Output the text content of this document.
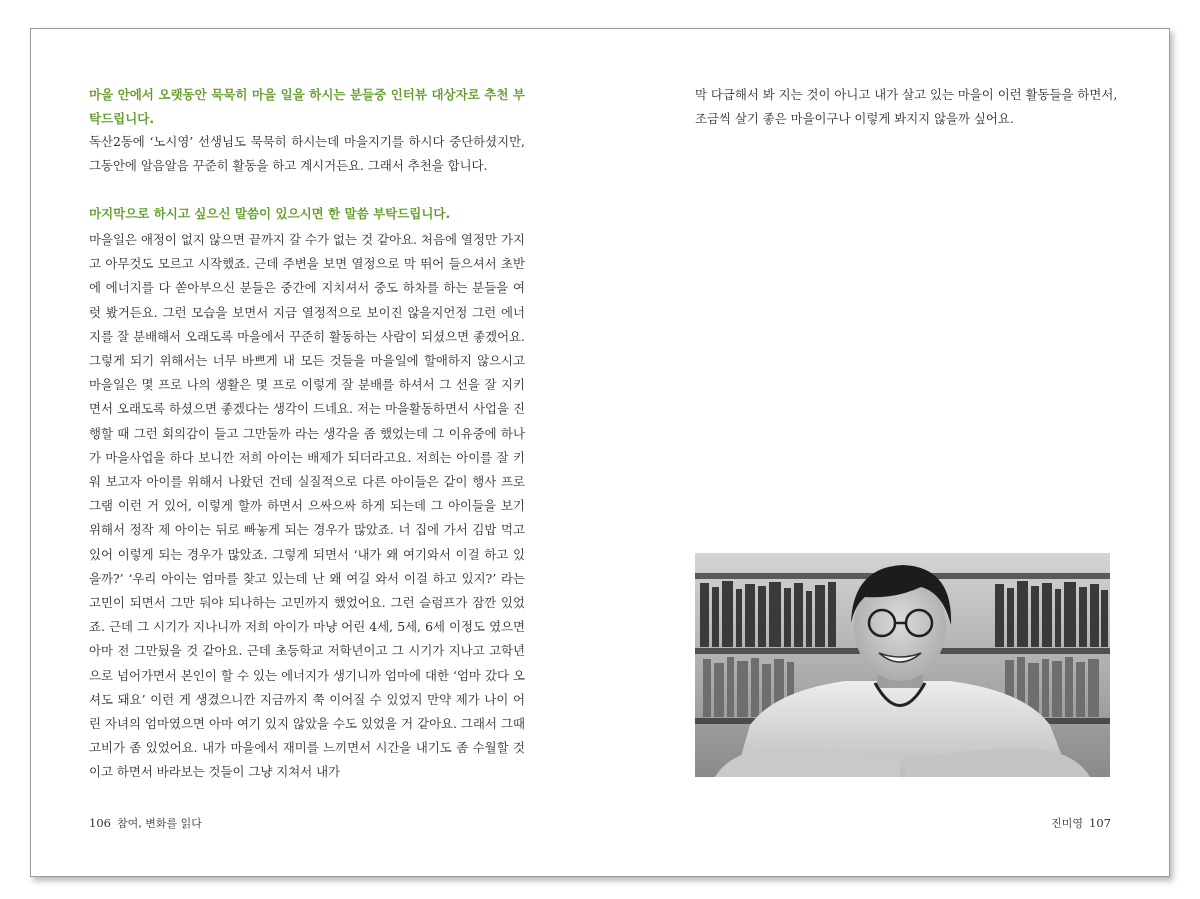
마을 안에서 오랫동안 묵묵히 마을 일을 하시는 분들중 인터뷰 대상자로 추천 부탁드립니다.

독산2동에 ‘노시영’ 선생님도 묵묵히 하시는데 마을지기를 하시다 중단하셨지만, 그동안에 알음알음 꾸준히 활동을 하고 계시거든요. 그래서 추천을 합니다.

마지막으로 하시고 싶으신 말씀이 있으시면 한 말씀 부탁드립니다.

마을일은 애정이 없지 않으면 끝까지 갈 수가 없는 것 같아요. 처음에 열정만 가지고 아무것도 모르고 시작했죠. 근데 주변을 보면 열정으로 막 뛰어 들으셔서 초반에 에너지를 다 쏟아부으신 분들은 중간에 지치셔서 중도 하차를 하는 분들을 여럿 봤거든요. 그런 모습을 보면서 지금 열정적으로 보이진 않을지언정 그런 에너지를 잘 분배해서 오래도록 마을에서 꾸준히 활동하는 사람이 되셨으면 좋겠어요. 그렇게 되기 위해서는 너무 바쁘게 내 모든 것들을 마을일에 할애하지 않으시고 마을일은 몇 프로 나의 생활은 몇 프로 이렇게 잘 분배를 하셔서 그 선을 잘 지키면서 오래도록 하셨으면 좋겠다는 생각이 드네요. 저는 마을활동하면서 사업을 진행할 때 그런 회의감이 들고 그만둘까 라는 생각을 좀 했었는데 그 이유중에 하나가 마을사업을 하다 보니깐 저희 아이는 배제가 되더라고요. 저희는 아이를 잘 키워 보고자 아이를 위해서 나왔던 건데 실질적으로 다른 아이들은 같이 행사 프로그램 이런 거 있어, 이렇게 할까 하면서 으싸으싸 하게 되는데 그 아이들을 보기 위해서 정작 제 아이는 뒤로 빠놓게 되는 경우가 많았죠. 너 집에 가서 김밥 먹고 있어 이렇게 되는 경우가 많았죠. 그렇게 되면서 ‘내가 왜 여기와서 이걸 하고 있을까?’ ‘우리 아이는 엄마를 찾고 있는데 난 왜 여길 와서 이걸 하고 있지?’ 라는 고민이 되면서 그만 둬야 되나하는 고민까지 했었어요. 그런 슬럼프가 잠깐 있었죠. 근데 그 시기가 지나니까 저희 아이가 마냥 어린 4세, 5세, 6세 이정도 였으면 아마 전 그만뒀을 것 같아요. 근데 초등학교 저학년이고 그 시기가 지나고 고학년으로 넘어가면서 본인이 할 수 있는 에너지가 생기니까 엄마에 대한 ‘엄마 갔다 오셔도 돼요’ 이런 게 생겼으니깐 지금까지 쭉 이어질 수 있었지 만약 제가 나이 어린 자녀의 엄마였으면 아마 여기 있지 않았을 수도 있었을 거 같아요. 그래서 그때 고비가 좀 있었어요. 내가 마을에서 재미를 느끼면서 시간을 내기도 좀 수월할 것이고 하면서 바라보는 것들이 그냥 지쳐서 내가

106 참여, 변화를 읽다

막 다급해서 봐 지는 것이 아니고 내가 살고 있는 마을이 이런 활동들을 하면서,
조금씩 살기 좋은 마을이구나 이렇게 봐지지 않을까 싶어요.

진미영 107
